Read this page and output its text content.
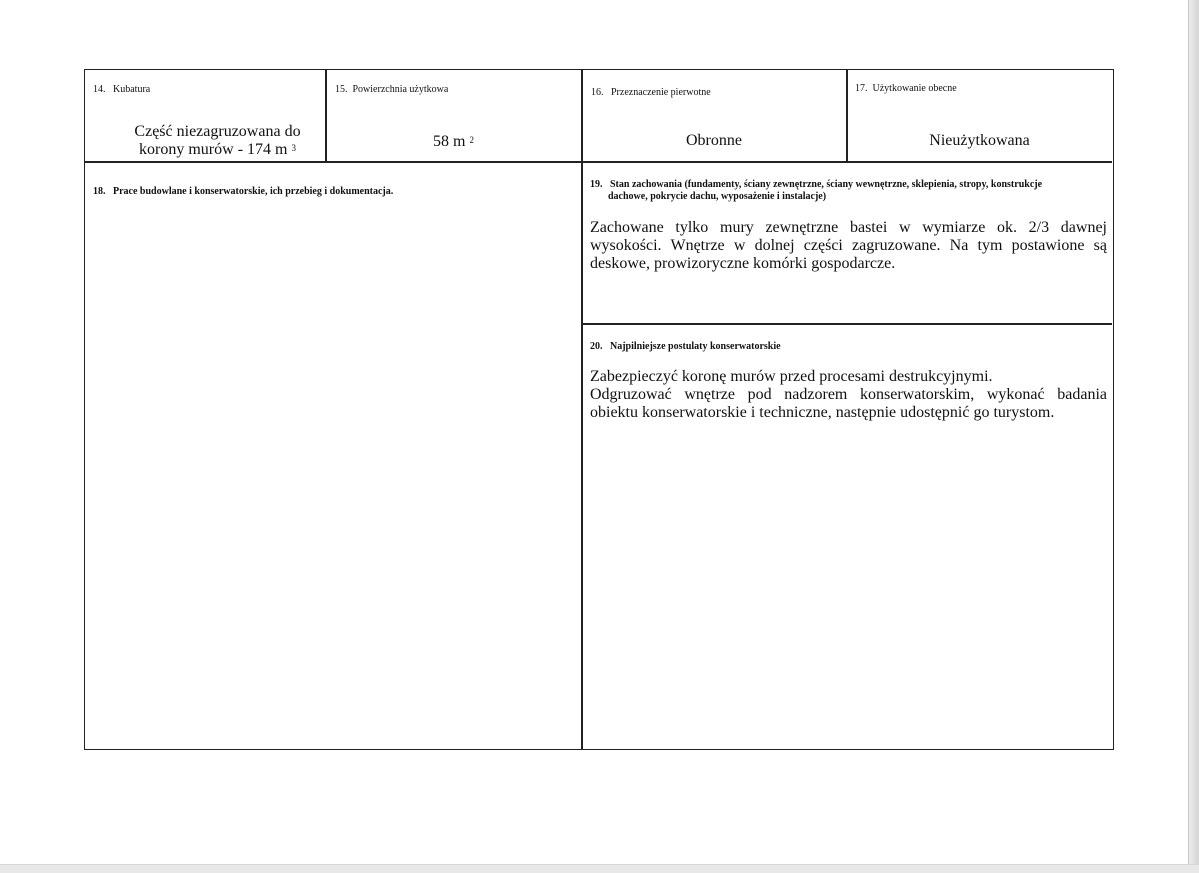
14. Kubatura
Część niezagruzowana do
korony murów - 174 m $^3$
15. Powierzchnia użytkowa
58 m $^2$
16. Przeznaczenie pierwotne
Obronne
17. Użytkowanie obecne
Nieużytkowana
18. Prace budowlane i konserwatorskie, ich przebieg i dokumentacja.
19. Stan zachowania (fundamenty, ściany zewnętrzne, ściany wewnętrzne, sklepienia, stropy, konstrukcje
dachowe, pokrycie dachu, wyposażenie i instalacje)
Zachowane tylko mury zewnętrzne bastei w wymiarze ok. 2/3 dawnej wysokości. Wnętrze w dolnej części zagruzowane. Na tym postawione są deskowe, prowizoryczne komórki gospodarcze.
20. Najpilniejsze postulaty konserwatorskie
Zabezpieczyć koronę murów przed procesami destrukcyjnymi.
Odgruzować wnętrze pod nadzorem konserwatorskim, wykonać badania obiektu konserwatorskie i techniczne, następnie udostępnić go turystom.
